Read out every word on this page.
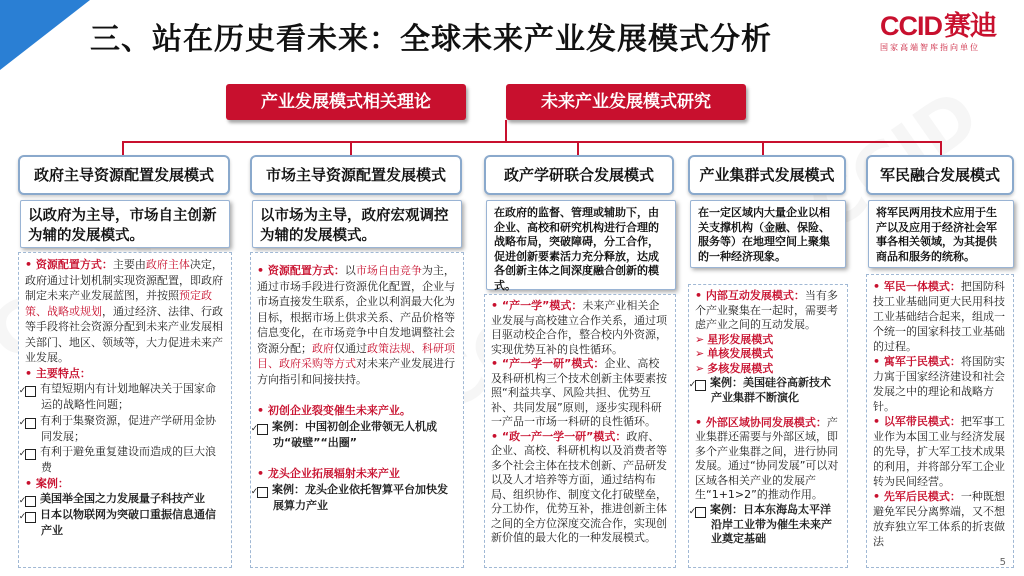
三、站在历史看未来：全球未来产业发展模式分析	CCID赛迪
国家高端智库指向单位
产业发展模式相关理论	未来产业发展模式研究
政府主导资源配置发展模式	市场主导资源配置发展模式	政产学研联合发展模式	产业集群式发展模式	军民融合发展模式
以政府为主导，市场自主创新为辅的发展模式。
以市场为主导，政府宏观调控为辅的发展模式。
在政府的监督、管理或辅助下，由企业、高校和研究机构进行合理的战略布局，突破障碍，分工合作，促进创新要素活力充分释放，达成各创新主体之间深度融合创新的模式。
在一定区域内大量企业以相关支撑机构（金融、保险、服务等）在地理空间上聚集的一种经济现象。
将军民两用技术应用于生产以及应用于经济社会军事各相关领域，为其提供商品和服务的统称。

• 资源配置方式：主要由政府主体决定，政府通过计划机制实现资源配置，即政府制定未来产业发展蓝图，并按照预定政策、战略或规划，通过经济、法律、行政等手段将社会资源分配到未来产业发展相关部门、地区、领域等，大力促进未来产业发展。

• 主要特点：

✓ 有望短期内有计划地解决关于国家命运的战略性问题；

✓ 有利于集聚资源，促进产学研用金协同发展；

✓ 有利于避免重复建设而造成的巨大浪费

• 案例：

✓ 美国举全国之力发展量子科技产业

✓ 日本以物联网为突破口重振信息通信产业

• 资源配置方式：以市场自由竞争为主，通过市场手段进行资源优化配置，企业与市场直接发生联系，企业以利润最大化为目标，根据市场上供求关系、产品价格等信息变化，在市场竞争中自发地调整社会资源分配；政府仅通过政策法规、科研项目、政府采购等方式对未来产业发展进行方向指引和间接扶持。

• 初创企业裂变催生未来产业。

✓ 案例：中国初创企业带领无人机成功“破壁”“出圈”

• 龙头企业拓展辐射未来产业

✓ 案例：龙头企业依托智算平台加快发展算力产业

• “产一学”模式：未来产业相关企业发展与高校建立合作关系，通过项目驱动校企合作，整合校内外资源，实现优势互补的良性循环。

• “产一学一研”模式：企业、高校及科研机构三个技术创新主体要素按照“利益共享、风险共担、优势互补、共同发展”原则，逐步实现科研一产品一市场一科研的良性循环。

• “政一产一学一研”模式：政府、企业、高校、科研机构以及消费者等多个社会主体在技术创新、产品研发以及人才培养等方面，通过结构布局、组织协作、制度文化打破壁垒，分工协作，优势互补，推进创新主体之间的全方位深度交流合作，实现创新价值的最大化的一种发展模式。

• 内部互动发展模式：当有多个产业聚集在一起时，需要考虑产业之间的互动发展。

➢ 星形发展模式

➢ 单核发展模式

➢ 多核发展模式

✓ 案例：美国硅谷高新技术产业集群不断演化

• 外部区域协同发展模式：产业集群还需要与外部区域，即多个产业集群之间，进行协同发展。通过“协同发展”可以对区域各相关产业的发展产生“1+1>2”的推动作用。

✓ 案例：日本东海岛太平洋沿岸工业带为催生未来产业奠定基础

• 军民一体模式：把国防科技工业基础同更大民用科技工业基础结合起来，组成一个统一的国家科技工业基础的过程。

• 寓军于民模式：将国防实力寓于国家经济建设和社会发展之中的理论和战略方针。

• 以军带民模式：把军事工业作为本国工业与经济发展的先导，扩大军工技术成果的利用，并将部分军工企业转为民间经营。

• 先军后民模式：一种既想避免军民分离弊端，又不想放弃独立军工体系的折衷做法

5
